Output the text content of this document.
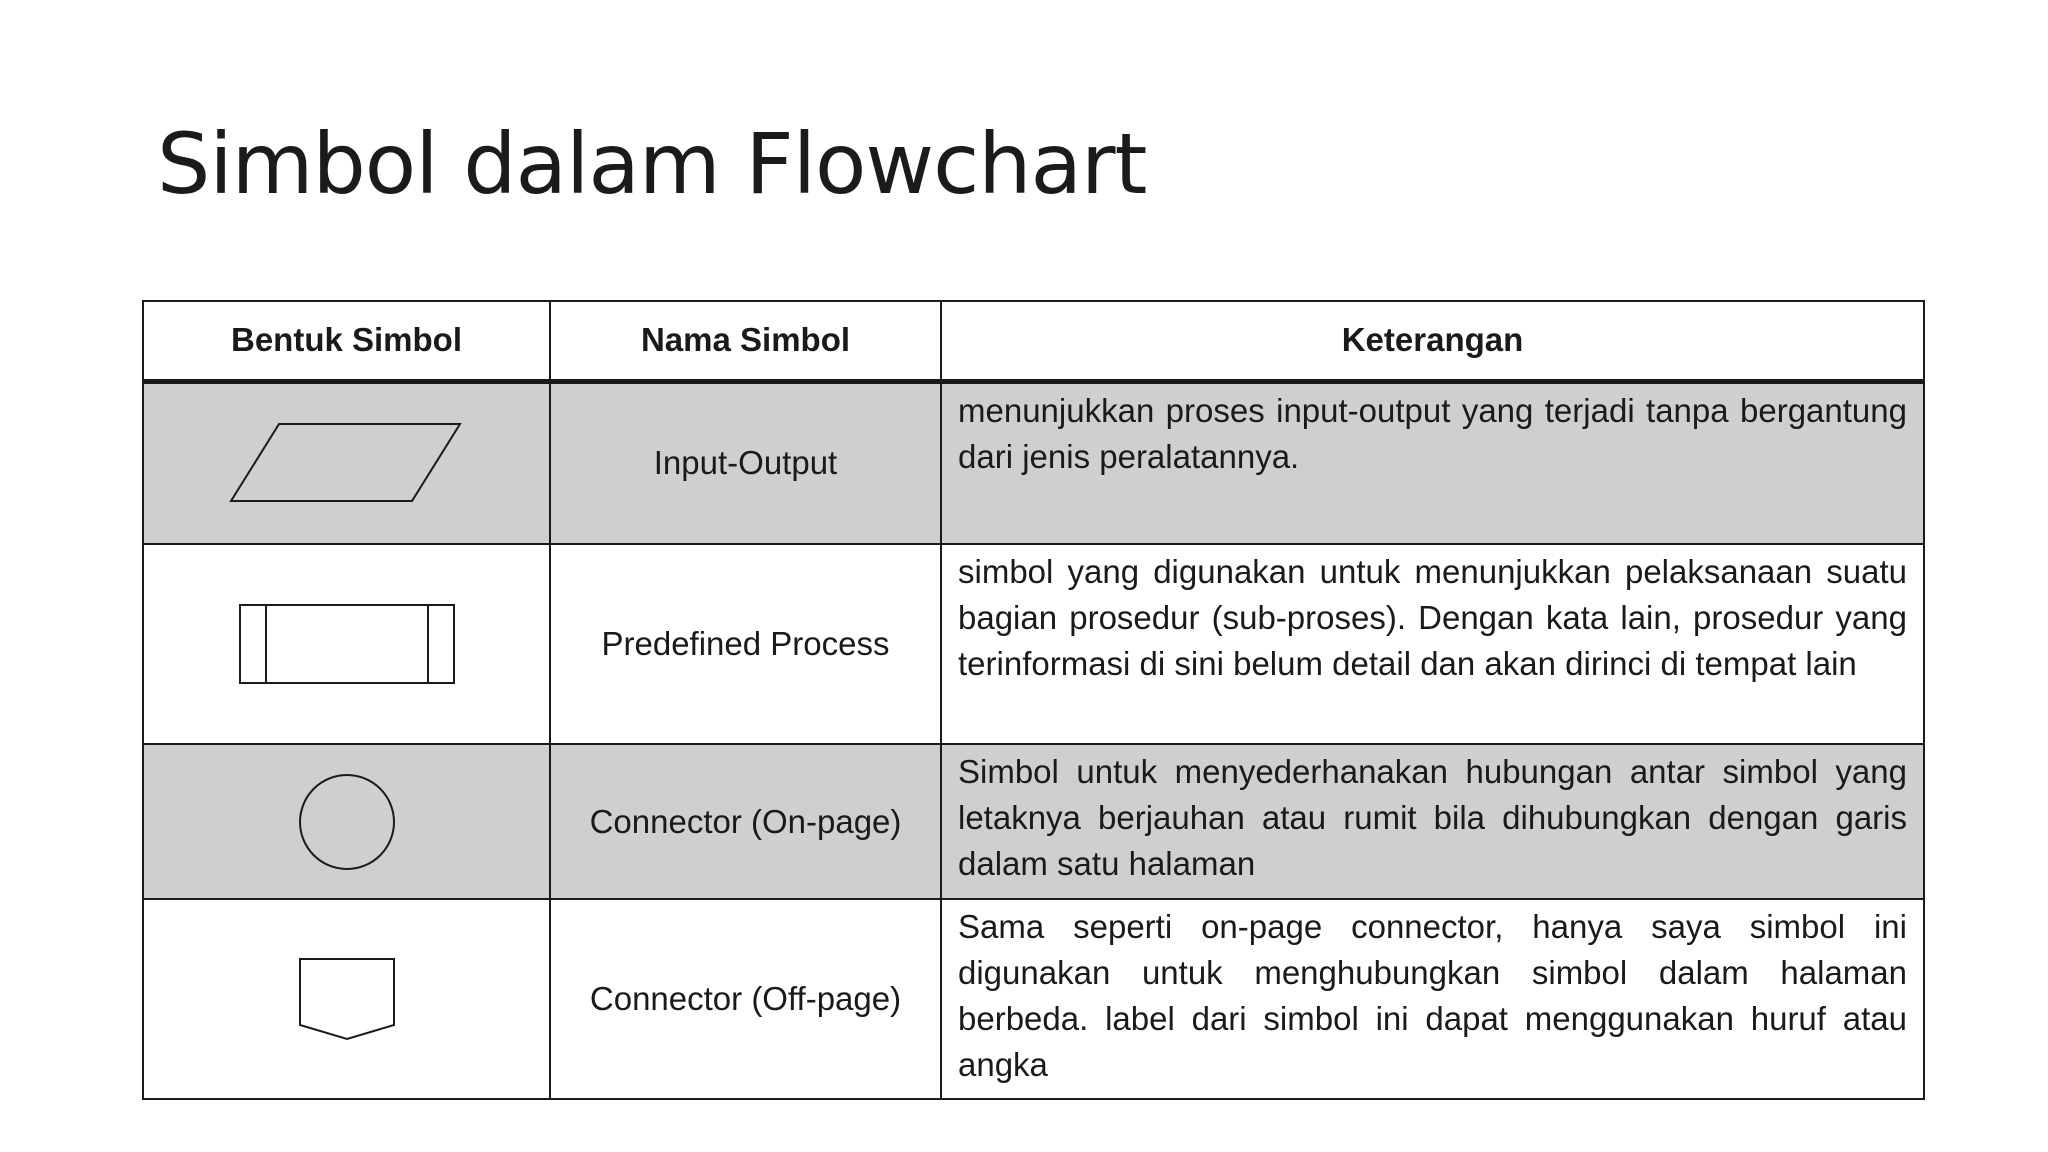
Simbol dalam Flowchart
Bentuk Simbol	Nama Simbol	Keterangan

	Input-Output	menunjukkan proses input-output yang terjadi tanpa bergantung dari jenis peralatannya.

	Predefined Process	simbol yang digunakan untuk menunjukkan pelaksanaan suatu bagian prosedur (sub-proses). Dengan kata lain, prosedur yang terinformasi di sini belum detail dan akan dirinci di tempat lain

	Connector (On-page)	Simbol untuk menyederhanakan hubungan antar simbol yang letaknya berjauhan atau rumit bila dihubungkan dengan garis dalam satu halaman

	Connector (Off-page)	Sama seperti on-page connector, hanya saya simbol ini digunakan untuk menghubungkan simbol dalam halaman berbeda. label dari simbol ini dapat menggunakan huruf atau angka
